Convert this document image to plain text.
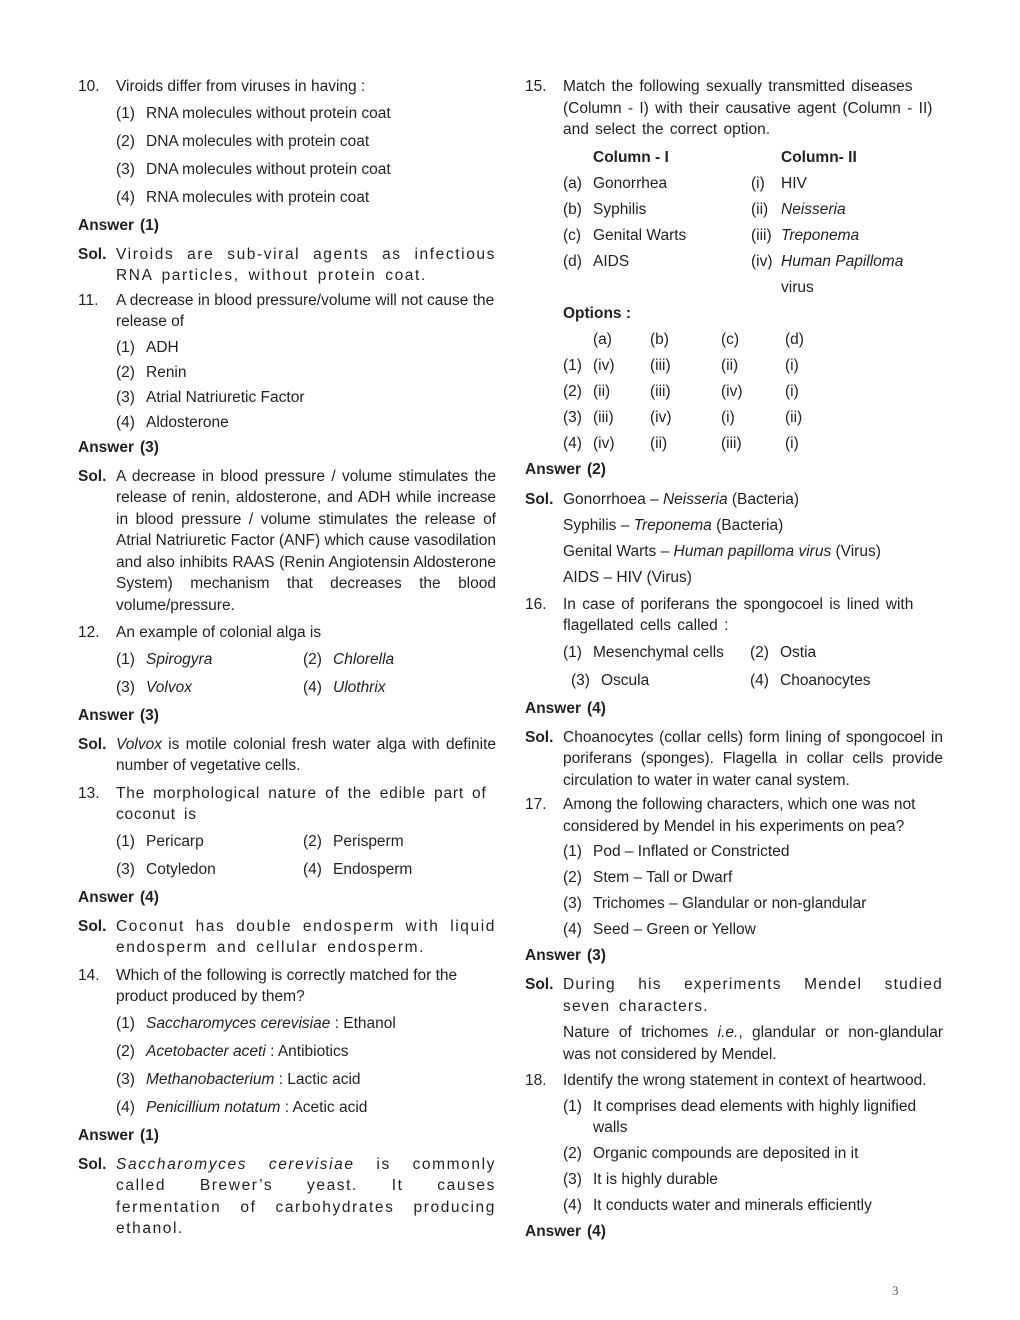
10. Viroids differ from viruses in having :
(1) RNA molecules without protein coat
(2) DNA molecules with protein coat
(3) DNA molecules without protein coat
(4) RNA molecules with protein coat
Answer (1)
Sol. Viroids are sub-viral agents as infectious RNA particles, without protein coat.
11. A decrease in blood pressure/volume will not cause the release of
(1) ADH
(2) Renin
(3) Atrial Natriuretic Factor
(4) Aldosterone
Answer (3)
Sol. A decrease in blood pressure / volume stimulates the release of renin, aldosterone, and ADH while increase in blood pressure / volume stimulates the release of Atrial Natriuretic Factor (ANF) which cause vasodilation and also inhibits RAAS (Renin Angiotensin Aldosterone System) mechanism that decreases the blood volume/pressure.
12. An example of colonial alga is
(1) Spirogyra	(2) Chlorella
(3) Volvox	(4) Ulothrix
Answer (3)
Sol. Volvox is motile colonial fresh water alga with definite number of vegetative cells.
13. The morphological nature of the edible part of coconut is
(1) Pericarp	(2) Perisperm
(3) Cotyledon	(4) Endosperm
Answer (4)
Sol. Coconut has double endosperm with liquid endosperm and cellular endosperm.
14. Which of the following is correctly matched for the product produced by them?
(1) Saccharomyces cerevisiae : Ethanol
(2) Acetobacter aceti : Antibiotics
(3) Methanobacterium : Lactic acid
(4) Penicillium notatum : Acetic acid
Answer (1)
Sol. Saccharomyces cerevisiae is commonly called Brewer’s yeast. It causes fermentation of carbohydrates producing ethanol.
15. Match the following sexually transmitted diseases (Column - I) with their causative agent (Column - II) and select the correct option.
	Column - I		Column- II
(a)	Gonorrhea	(i)	HIV
(b)	Syphilis	(ii)	Neisseria
(c)	Genital Warts	(iii)	Treponema
(d)	AIDS	(iv)	Human Papilloma
			virus
Options :
	(a)	(b)	(c)	(d)
(1)	(iv)	(iii)	(ii)	(i)
(2)	(ii)	(iii)	(iv)	(i)
(3)	(iii)	(iv)	(i)	(ii)
(4)	(iv)	(ii)	(iii)	(i)
Answer (2)
Sol. Gonorrhoea – Neisseria (Bacteria)
Syphilis – Treponema (Bacteria)
Genital Warts – Human papilloma virus (Virus)
AIDS – HIV (Virus)
16. In case of poriferans the spongocoel is lined with flagellated cells called :
(1) Mesenchymal cells	(2) Ostia
(3) Oscula	(4) Choanocytes
Answer (4)
Sol. Choanocytes (collar cells) form lining of spongocoel in poriferans (sponges). Flagella in collar cells provide circulation to water in water canal system.
17. Among the following characters, which one was not considered by Mendel in his experiments on pea?
(1) Pod – Inflated or Constricted
(2) Stem – Tall or Dwarf
(3) Trichomes – Glandular or non-glandular
(4) Seed – Green or Yellow
Answer (3)
Sol. During his experiments Mendel studied seven characters.

Nature of trichomes i.e., glandular or non-glandular was not considered by Mendel.

18. Identify the wrong statement in context of heartwood.
(1) It comprises dead elements with highly lignified walls
(2) Organic compounds are deposited in it
(3) It is highly durable
(4) It conducts water and minerals efficiently
Answer (4)
3
